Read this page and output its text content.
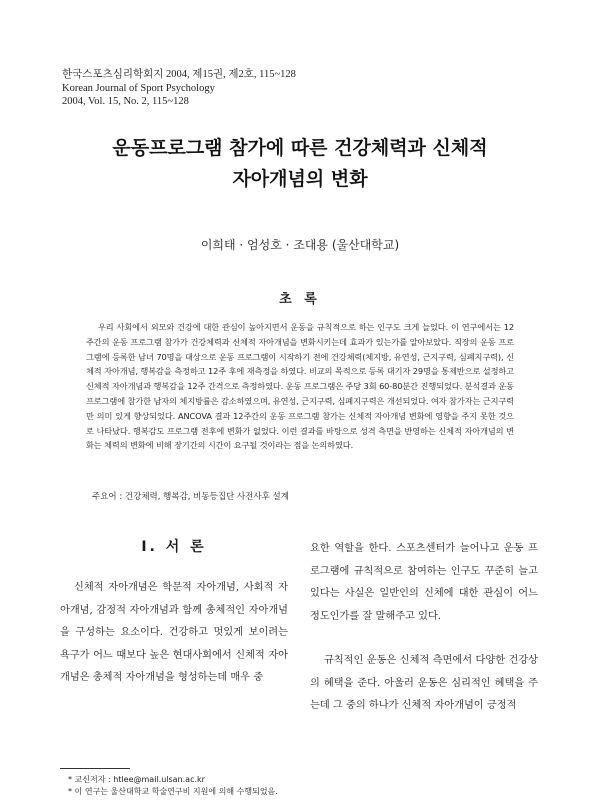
한국스포츠심리학회지 2004, 제15권, 제2호, 115~128
Korean Journal of Sport Psychology
2004, Vol. 15, No. 2, 115~128
운동프로그램 참가에 따른 건강체력과 신체적
자아개념의 변화
이희태 · 엄성호 · 조대용 (울산대학교)
초 록
우리 사회에서 외모와 건강에 대한 관심이 높아지면서 운동을 규칙적으로 하는 인구도 크게 늘었다. 이 연구에서는 12주간의 운동 프로그램 참가가 건강체력과 신체적 자아개념을 변화시키는데 효과가 있는가를 알아보았다. 직장의 운동 프로그램에 등록한 남녀 70명을 대상으로 운동 프로그램이 시작하기 전에 건강체력(체지방, 유연성, 근지구력, 심폐지구력), 신체적 자아개념, 행복감을 측정하고 12주 후에 재측정을 하였다. 비교의 목적으로 등록 대기자 29명을 통제반으로 설정하고 신체적 자아개념과 행복감을 12주 간격으로 측정하였다. 운동 프로그램은 주당 3회 60-80분간 진행되었다. 분석결과 운동 프로그램에 참가한 남자의 체지방률은 감소하였으며, 유연성, 근지구력, 심폐지구력은 개선되었다. 여자 참가자는 근지구력만 의미 있게 향상되었다. ANCOVA 결과 12주간의 운동 프로그램 참가는 신체적 자아개념 변화에 영향을 주지 못한 것으로 나타났다. 행복감도 프로그램 전후에 변화가 없었다. 이런 결과를 바탕으로 성격 측면을 반영하는 신체적 자아개념의 변화는 체력의 변화에 비해 장기간의 시간이 요구될 것이라는 점을 논의하였다.
주요어 : 건강체력, 행복감, 비동등집단 사전사후 설계
Ⅰ. 서 론

신체적 자아개념은 학문적 자아개념, 사회적 자아개념, 감정적 자아개념과 함께 총체적인 자아개념을 구성하는 요소이다. 건강하고 멋있게 보이려는 욕구가 어느 때보다 높은 현대사회에서 신체적 자아개념은 총체적 자아개념을 형성하는데 매우 중

요한 역할을 한다. 스포츠센터가 늘어나고 운동 프로그램에 규칙적으로 참여하는 인구도 꾸준히 늘고 있다는 사실은 일반인의 신체에 대한 관심이 어느 정도인가를 잘 말해주고 있다.

규칙적인 운동은 신체적 측면에서 다양한 건강상의 혜택을 준다. 아울러 운동은 심리적인 혜택을 주는데 그 중의 하나가 신체적 자아개념이 긍정적

* 교신저자 : htlee@mail.ulsan.ac.kr
* 이 연구는 울산대학교 학술연구비 지원에 의해 수행되었음.
